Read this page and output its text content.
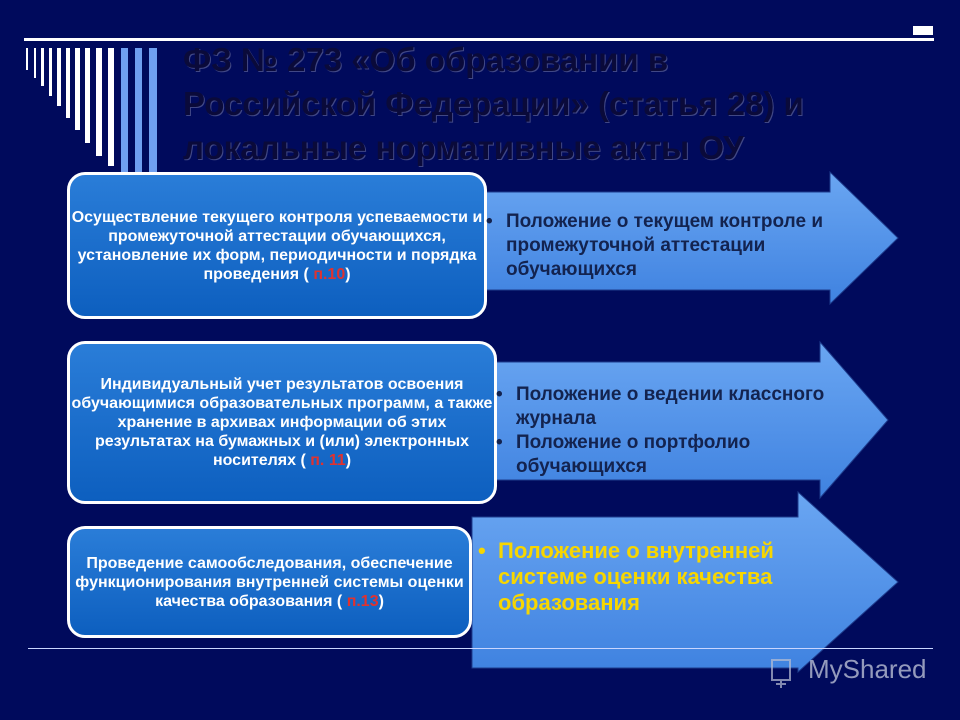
ФЗ № 273 «Об образовании в
Российской Федерации» (статья 28) и
локальные нормативные акты ОУ
Осуществление текущего контроля успеваемости и промежуточной аттестации обучающихся, установление их форм, периодичности и порядка проведения ( п.10)
Индивидуальный учет результатов освоения обучающимися образовательных программ, а также хранение в архивах информации об этих результатах на бумажных и (или) электронных носителях ( п. 11)
Проведение самообследования, обеспечение функционирования внутренней системы оценки качества образования ( п.13)
• Положение о текущем контроле и промежуточной аттестации обучающихся
• Положение о ведении классного журнала
• Положение о портфолио обучающихся
• Положение о внутренней системе оценки качества образования
MyShared
